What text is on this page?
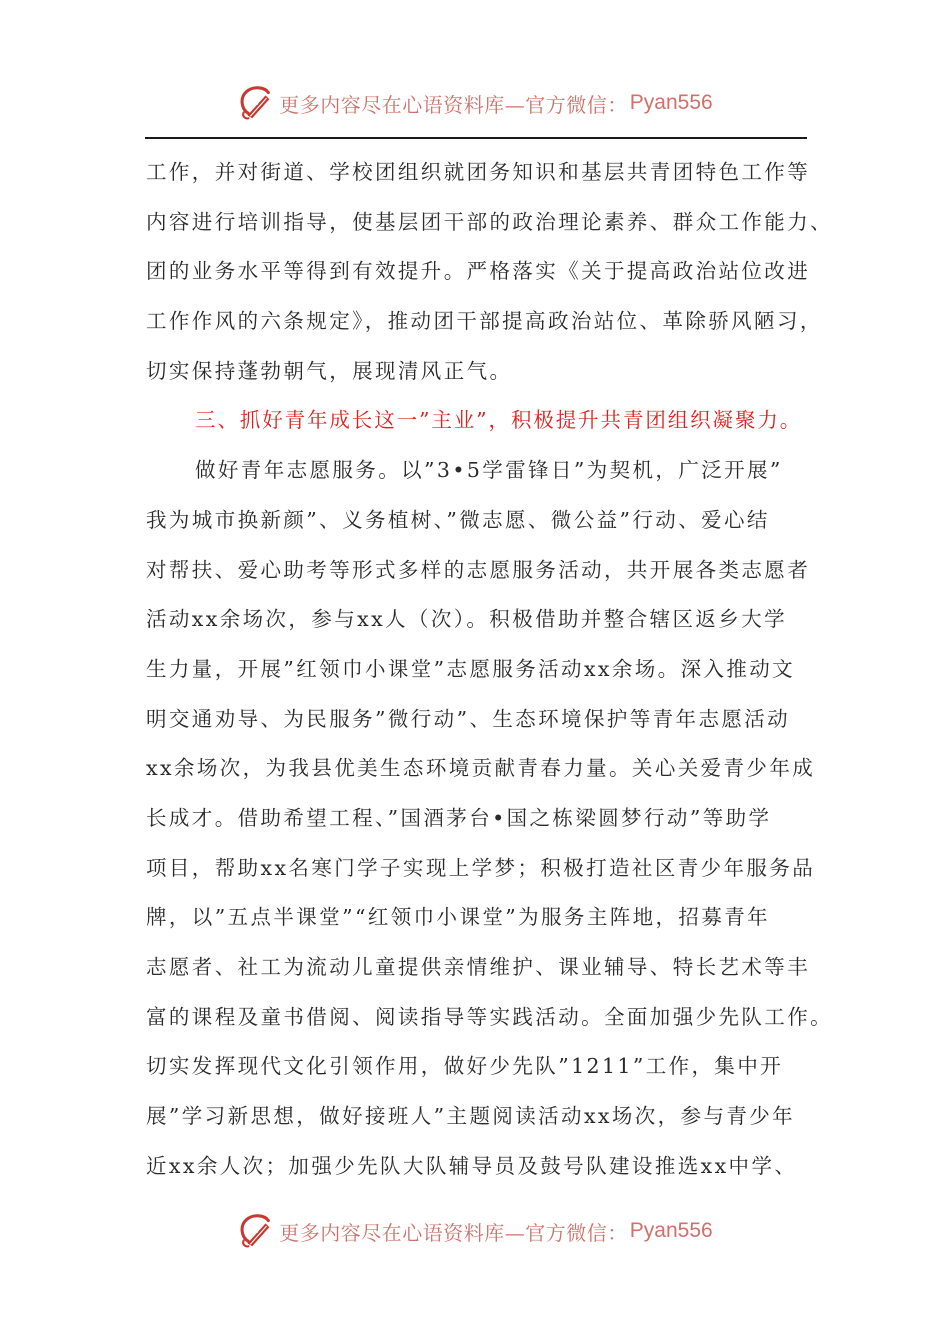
更多内容尽在心语资料库—官方微信： Pyan556
工作，并对街道、学校团组织就团务知识和基层共青团特色工作等
内容进行培训指导，使基层团干部的政治理论素养、群众工作能力、
团的业务水平等得到有效提升。严格落实《关于提高政治站位改进
工作作风的六条规定》，推动团干部提高政治站位、革除骄风陋习，
切实保持蓬勃朝气，展现清风正气。
三、抓好青年成长这一”主业”，积极提升共青团组织凝聚力。
做好青年志愿服务。以”3•5学雷锋日”为契机，广泛开展”
我为城市换新颜”、义务植树、”微志愿、微公益”行动、爱心结
对帮扶、爱心助考等形式多样的志愿服务活动，共开展各类志愿者
活动xx余场次，参与xx人（次）。积极借助并整合辖区返乡大学
生力量，开展”红领巾小课堂”志愿服务活动xx余场。深入推动文
明交通劝导、为民服务”微行动”、生态环境保护等青年志愿活动
xx余场次，为我县优美生态环境贡献青春力量。关心关爱青少年成
长成才。借助希望工程、”国酒茅台•国之栋梁圆梦行动”等助学
项目，帮助xx名寒门学子实现上学梦；积极打造社区青少年服务品
牌，以”五点半课堂”“红领巾小课堂”为服务主阵地，招募青年
志愿者、社工为流动儿童提供亲情维护、课业辅导、特长艺术等丰
富的课程及童书借阅、阅读指导等实践活动。全面加强少先队工作。
切实发挥现代文化引领作用，做好少先队”1211”工作，集中开
展”学习新思想，做好接班人”主题阅读活动xx场次，参与青少年
近xx余人次；加强少先队大队辅导员及鼓号队建设推选xx中学、
更多内容尽在心语资料库—官方微信： Pyan556
